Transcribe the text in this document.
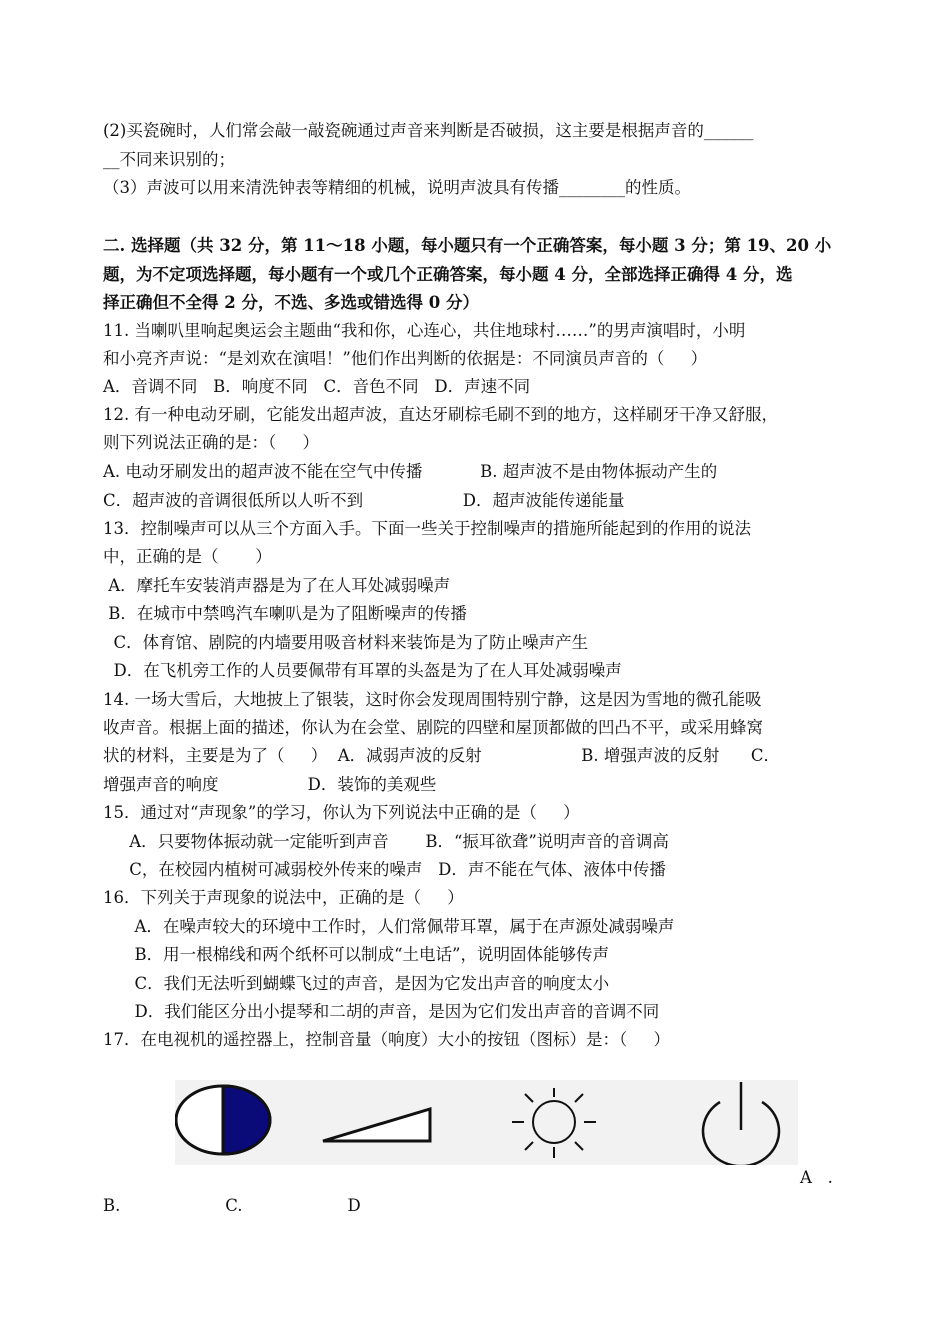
(2)买瓷碗时，人们常会敲一敲瓷碗通过声音来判断是否破损，这主要是根据声音的______
__不同来识别的；
（3）声波可以用来清洗钟表等精细的机械，说明声波具有传播________的性质。
二. 选择题（共 32 分，第 11～18 小题，每小题只有一个正确答案，每小题 3 分；第 19、20 小
题，为不定项选择题，每小题有一个或几个正确答案，每小题 4 分，全部选择正确得 4 分，选
择正确但不全得 2 分，不选、多选或错选得 0 分）
11. 当喇叭里响起奥运会主题曲“我和你，心连心，共住地球村……”的男声演唱时，小明
和小亮齐声说：“是刘欢在演唱！”他们作出判断的依据是：不同演员声音的（     ）
A．音调不同   B．响度不同   C．音色不同   D．声速不同
12. 有一种电动牙刷，它能发出超声波，直达牙刷棕毛刷不到的地方，这样刷牙干净又舒服，
则下列说法正确的是：（     ）
A. 电动牙刷发出的超声波不能在空气中传播           B. 超声波不是由物体振动产生的
C．超声波的音调很低所以人听不到                   D．超声波能传递能量
13．控制噪声可以从三个方面入手。下面一些关于控制噪声的措施所能起到的作用的说法
中，正确的是（       ）
A．摩托车安装消声器是为了在人耳处减弱噪声
B．在城市中禁鸣汽车喇叭是为了阻断噪声的传播
C．体育馆、剧院的内墙要用吸音材料来装饰是为了防止噪声产生
D．在飞机旁工作的人员要佩带有耳罩的头盔是为了在人耳处减弱噪声
14. 一场大雪后，大地披上了银装，这时你会发现周围特别宁静，这是因为雪地的微孔能吸
收声音。根据上面的描述，你认为在会堂、剧院的四壁和屋顶都做的凹凸不平，或采用蜂窝
状的材料，主要是为了（     ）  A．减弱声波的反射                   B. 增强声波的反射      C．
增强声音的响度                 D．装饰的美观些
15．通过对“声现象”的学习，你认为下列说法中正确的是（     ）
A．只要物体振动就一定能听到声音       B．“振耳欲聋”说明声音的音调高
C，在校园内植树可减弱校外传来的噪声   D．声不能在气体、液体中传播
16．下列关于声现象的说法中，正确的是（     ）
A．在噪声较大的环境中工作时，人们常佩带耳罩，属于在声源处减弱噪声
B．用一根棉线和两个纸杯可以制成“土电话”，说明固体能够传声
C．我们无法听到蝴蝶飞过的声音，是因为它发出声音的响度太小
D．我们能区分出小提琴和二胡的声音，是因为它们发出声音的音调不同
17．在电视机的遥控器上，控制音量（响度）大小的按钮（图标）是：（     ）
A   .
B.                    C.                    D
